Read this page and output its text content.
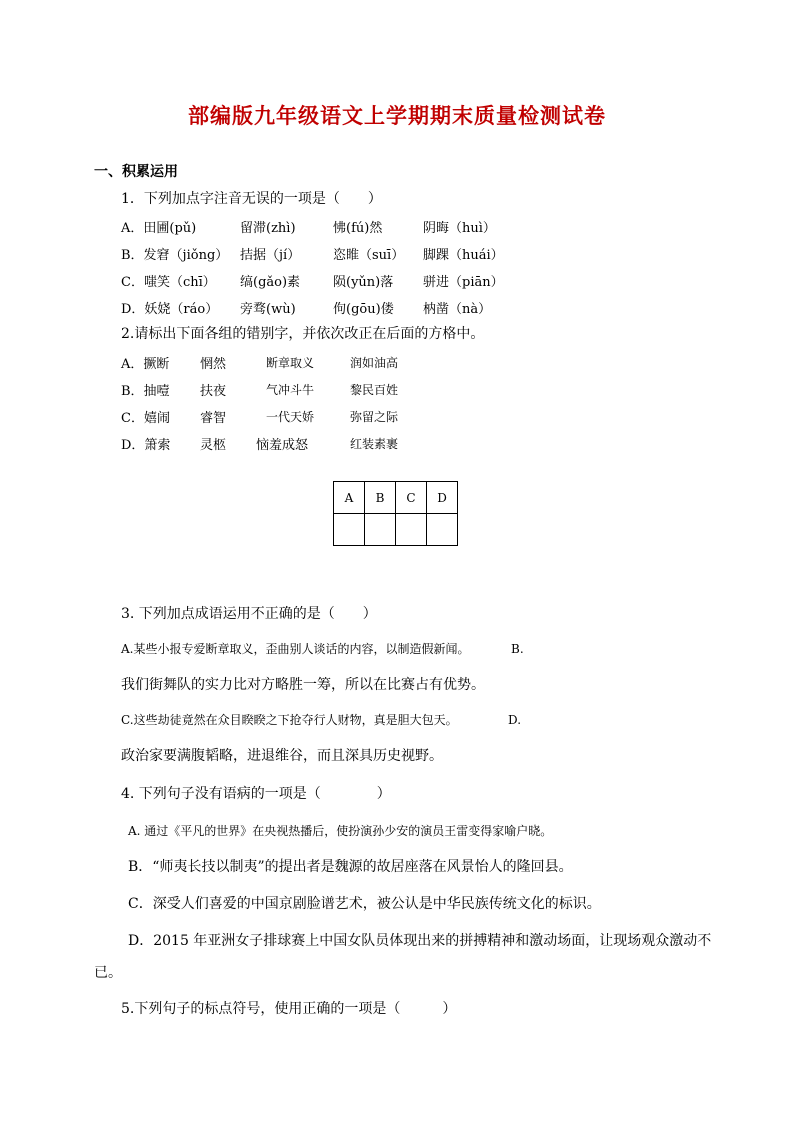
部编版九年级语文上学期期末质量检测试卷
一、积累运用
1．下列加点字注音无误的一项是（　　）
A．田圃(pǔ)	留滞(zhì)	怫(fú)然	阴晦（huì）
B．发窘（jiǒng） 拮据（jí）	恣睢（suī） 脚踝（huái）
C．嗤笑（chī） 缟(gǎo)素	陨(yǔn)落 骈进（piān）
D．妖娆（ráo） 旁骛(wù)	佝(gōu)偻 枘凿（nà）
2.请标出下面各组的错别字，并依次改正在后面的方格中。
A．撅断 惘然	断章取义	润如油高
B．抽噎 扶夜	气冲斗牛	黎民百姓
C．嬉闹 睿智	一代天娇	弥留之际
D．箫索 灵柩 恼羞成怒	红装素裹
A	B	C	D

3. 下列加点成语运用不正确的是（　　）
A.某些小报专爱断章取义，歪曲别人谈话的内容，以制造假新闻。	B.
我们街舞队的实力比对方略胜一筹，所以在比赛占有优势。
C.这些劫徒竟然在众目睽睽之下抢夺行人财物，真是胆大包天。	D.
政治家要满腹韬略，进退维谷，而且深具历史视野。
4. 下列句子没有语病的一项是（　　　　）
A. 通过《平凡的世界》在央视热播后，使扮演孙少安的演员王雷变得家喻户晓。
B．“师夷长技以制夷”的提出者是魏源的故居座落在风景怡人的隆回县。
C．深受人们喜爱的中国京剧脸谱艺术，被公认是中华民族传统文化的标识。
D．2015 年亚洲女子排球赛上中国女队员体现出来的拼搏精神和激动场面，让现场观众激动不
已。
5.下列句子的标点符号，使用正确的一项是（　　　）
